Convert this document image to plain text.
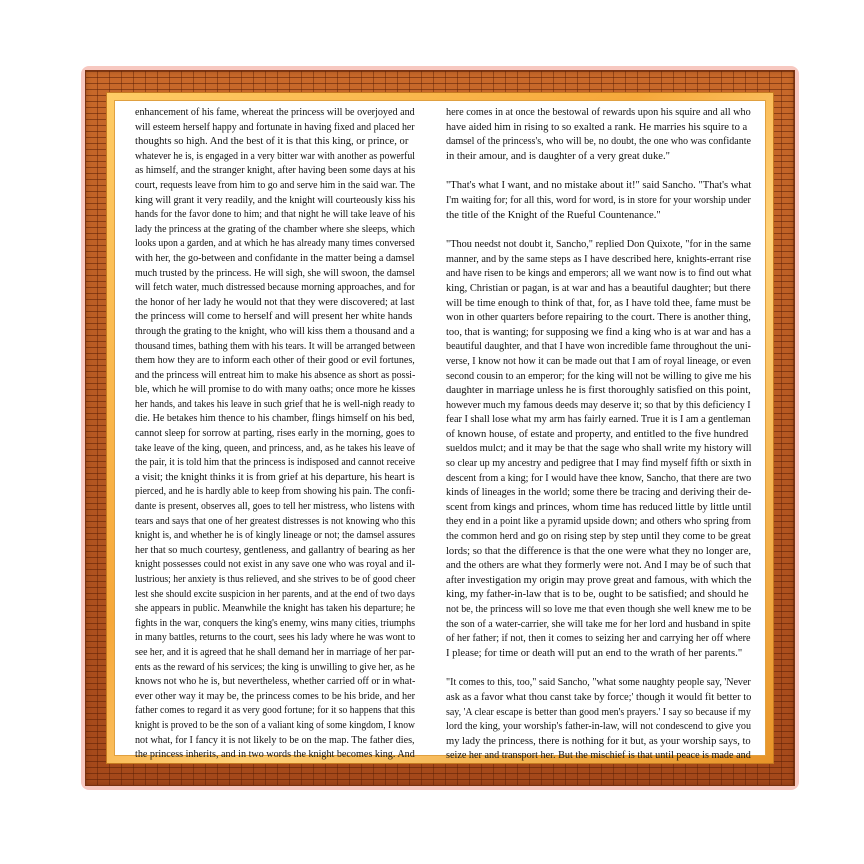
enhancement of his fame, whereat the princess will be overjoyed and
will esteem herself happy and fortunate in having fixed and placed her
thoughts so high. And the best of it is that this king, or prince, or
whatever he is, is engaged in a very bitter war with another as powerful
as himself, and the stranger knight, after having been some days at his
court, requests leave from him to go and serve him in the said war. The
king will grant it very readily, and the knight will courteously kiss his
hands for the favor done to him; and that night he will take leave of his
lady the princess at the grating of the chamber where she sleeps, which
looks upon a garden, and at which he has already many times conversed
with her, the go-between and confidante in the matter being a damsel
much trusted by the princess. He will sigh, she will swoon, the damsel
will fetch water, much distressed because morning approaches, and for
the honor of her lady he would not that they were discovered; at last
the princess will come to herself and will present her white hands
through the grating to the knight, who will kiss them a thousand and a
thousand times, bathing them with his tears. It will be arranged between
them how they are to inform each other of their good or evil fortunes,
and the princess will entreat him to make his absence as short as possi-
ble, which he will promise to do with many oaths; once more he kisses
her hands, and takes his leave in such grief that he is well-nigh ready to
die. He betakes him thence to his chamber, flings himself on his bed,
cannot sleep for sorrow at parting, rises early in the morning, goes to
take leave of the king, queen, and princess, and, as he takes his leave of
the pair, it is told him that the princess is indisposed and cannot receive
a visit; the knight thinks it is from grief at his departure, his heart is
pierced, and he is hardly able to keep from showing his pain. The confi-
dante is present, observes all, goes to tell her mistress, who listens with
tears and says that one of her greatest distresses is not knowing who this
knight is, and whether he is of kingly lineage or not; the damsel assures
her that so much courtesy, gentleness, and gallantry of bearing as her
knight possesses could not exist in any save one who was royal and il-
lustrious; her anxiety is thus relieved, and she strives to be of good cheer
lest she should excite suspicion in her parents, and at the end of two days
she appears in public. Meanwhile the knight has taken his departure; he
fights in the war, conquers the king's enemy, wins many cities, triumphs
in many battles, returns to the court, sees his lady where he was wont to
see her, and it is agreed that he shall demand her in marriage of her par-
ents as the reward of his services; the king is unwilling to give her, as he
knows not who he is, but nevertheless, whether carried off or in what-
ever other way it may be, the princess comes to be his bride, and her
father comes to regard it as very good fortune; for it so happens that this
knight is proved to be the son of a valiant king of some kingdom, I know
not what, for I fancy it is not likely to be on the map. The father dies,
the princess inherits, and in two words the knight becomes king. And

here comes in at once the bestowal of rewards upon his squire and all who
have aided him in rising to so exalted a rank. He marries his squire to a
damsel of the princess's, who will be, no doubt, the one who was confidante
in their amour, and is daughter of a very great duke."

"That's what I want, and no mistake about it!" said Sancho. "That's what
I'm waiting for; for all this, word for word, is in store for your worship under
the title of the Knight of the Rueful Countenance."

"Thou needst not doubt it, Sancho," replied Don Quixote, "for in the same
manner, and by the same steps as I have described here, knights-errant rise
and have risen to be kings and emperors; all we want now is to find out what
king, Christian or pagan, is at war and has a beautiful daughter; but there
will be time enough to think of that, for, as I have told thee, fame must be
won in other quarters before repairing to the court. There is another thing,
too, that is wanting; for supposing we find a king who is at war and has a
beautiful daughter, and that I have won incredible fame throughout the uni-
verse, I know not how it can be made out that I am of royal lineage, or even
second cousin to an emperor; for the king will not be willing to give me his
daughter in marriage unless he is first thoroughly satisfied on this point,
however much my famous deeds may deserve it; so that by this deficiency I
fear I shall lose what my arm has fairly earned. True it is I am a gentleman
of known house, of estate and property, and entitled to the five hundred
sueldos mulct; and it may be that the sage who shall write my history will
so clear up my ancestry and pedigree that I may find myself fifth or sixth in
descent from a king; for I would have thee know, Sancho, that there are two
kinds of lineages in the world; some there be tracing and deriving their de-
scent from kings and princes, whom time has reduced little by little until
they end in a point like a pyramid upside down; and others who spring from
the common herd and go on rising step by step until they come to be great
lords; so that the difference is that the one were what they no longer are,
and the others are what they formerly were not. And I may be of such that
after investigation my origin may prove great and famous, with which the
king, my father-in-law that is to be, ought to be satisfied; and should he
not be, the princess will so love me that even though she well knew me to be
the son of a water-carrier, she will take me for her lord and husband in spite
of her father; if not, then it comes to seizing her and carrying her off where
I please; for time or death will put an end to the wrath of her parents."

"It comes to this, too," said Sancho, "what some naughty people say, 'Never
ask as a favor what thou canst take by force;' though it would fit better to
say, 'A clear escape is better than good men's prayers.' I say so because if my
lord the king, your worship's father-in-law, will not condescend to give you
my lady the princess, there is nothing for it but, as your worship says, to
seize her and transport her. But the mischief is that until peace is made and
